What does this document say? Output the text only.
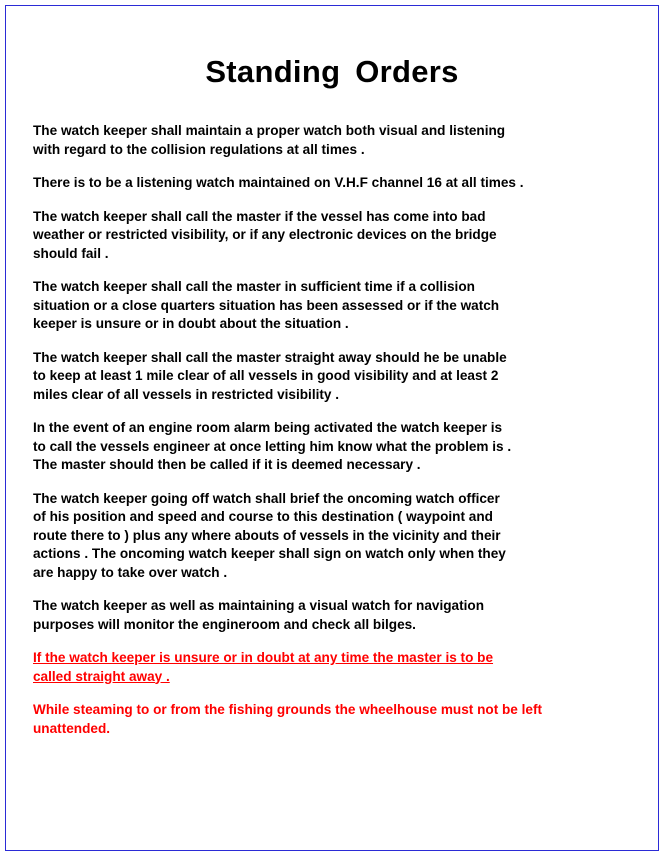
Standing Orders

The watch keeper shall maintain a proper watch both visual and listening
with regard to the collision regulations at all times .

There is to be a listening watch maintained on V.H.F channel 16 at all times .

The watch keeper shall call the master if the vessel has come into bad
weather or restricted visibility, or if any electronic devices on the bridge
should fail .

The watch keeper shall call the master in sufficient time if a collision
situation or a close quarters situation has been assessed or if the watch
keeper is unsure or in doubt about the situation .

The watch keeper shall call the master straight away should he be unable
to keep at least 1 mile clear of all vessels in good visibility and at least 2
miles clear of all vessels in restricted visibility .

In the event of an engine room alarm being activated the watch keeper is
to call the vessels engineer at once letting him know what the problem is .
The master should then be called if it is deemed necessary .

The watch keeper going off watch shall brief the oncoming watch officer
of his position and speed and course to this destination ( waypoint and
route there to ) plus any where abouts of vessels in the vicinity and their
actions . The oncoming watch keeper shall sign on watch only when they
are happy to take over watch .

The watch keeper as well as maintaining a visual watch for navigation
purposes will monitor the engineroom and check all bilges.

If the watch keeper is unsure or in doubt at any time the master is to be
called straight away .

While steaming to or from the fishing grounds the wheelhouse must not be left
unattended.
